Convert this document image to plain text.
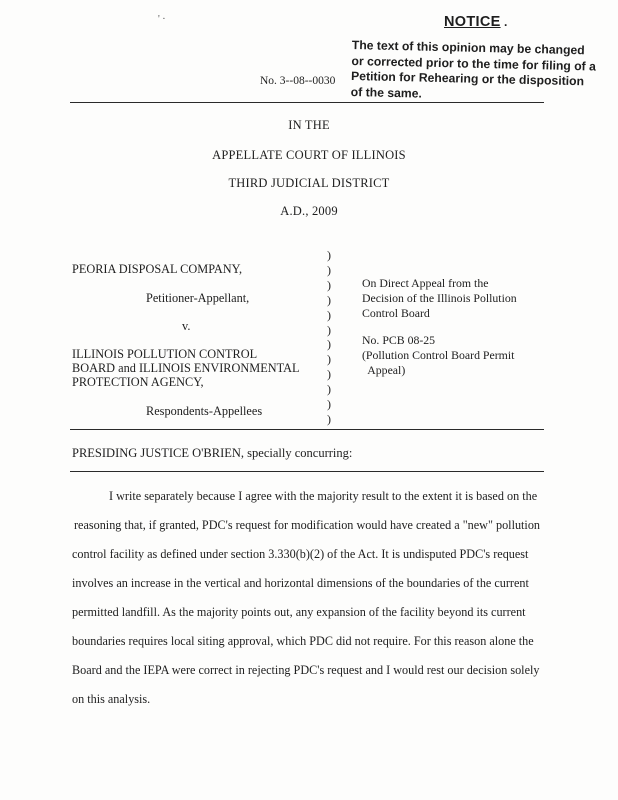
' ·	NOTICE .
The text of this opinion may be changed
or corrected prior to the time for filing of a
Petition for Rehearing or the disposition
of the same.
No. 3--08--0030
IN THE
APPELLATE COURT OF ILLINOIS
THIRD JUDICIAL DISTRICT
A.D., 2009
PEORIA DISPOSAL COMPANY,
Petitioner-Appellant,
v.
ILLINOIS POLLUTION CONTROL
BOARD and ILLINOIS ENVIRONMENTAL
PROTECTION AGENCY,
Respondents-Appellees
)
)
)
)
)
)
)
)
)
)
)
)
On Direct Appeal from the
Decision of the Illinois Pollution
Control Board
No. PCB 08-25
(Pollution Control Board Permit
Appeal)
PRESIDING JUSTICE O'BRIEN, specially concurring:
I write separately because I agree with the majority result to the extent it is based on the
reasoning that, if granted, PDC's request for modification would have created a "new" pollution
control facility as defined under section 3.330(b)(2) of the Act. It is undisputed PDC's request
involves an increase in the vertical and horizontal dimensions of the boundaries of the current
permitted landfill. As the majority points out, any expansion of the facility beyond its current
boundaries requires local siting approval, which PDC did not require. For this reason alone the
Board and the IEPA were correct in rejecting PDC's request and I would rest our decision solely
on this analysis.
